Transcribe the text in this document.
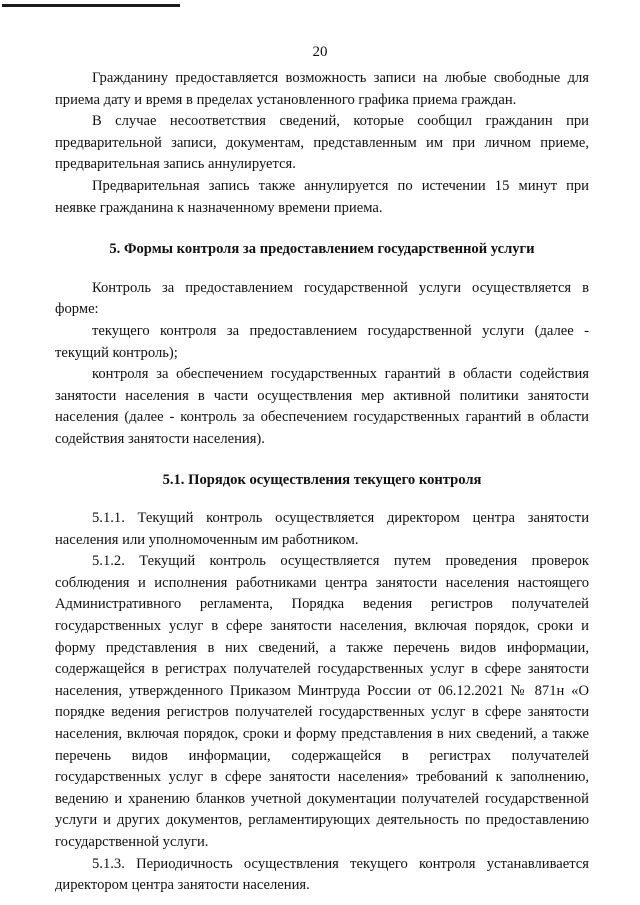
20

Гражданину предоставляется возможность записи на любые свободные для приема дату и время в пределах установленного графика приема граждан.

В случае несоответствия сведений, которые сообщил гражданин при предварительной записи, документам, представленным им при личном приеме, предварительная запись аннулируется.

Предварительная запись также аннулируется по истечении 15 минут при неявке гражданина к назначенному времени приема.

5. Формы контроля за предоставлением государственной услуги

Контроль за предоставлением государственной услуги осуществляется в форме:

текущего контроля за предоставлением государственной услуги (далее - текущий контроль);

контроля за обеспечением государственных гарантий в области содействия занятости населения в части осуществления мер активной политики занятости населения (далее - контроль за обеспечением государственных гарантий в области содействия занятости населения).

5.1. Порядок осуществления текущего контроля

5.1.1. Текущий контроль осуществляется директором центра занятости населения или уполномоченным им работником.

5.1.2. Текущий контроль осуществляется путем проведения проверок соблюдения и исполнения работниками центра занятости населения настоящего Административного регламента, Порядка ведения регистров получателей государственных услуг в сфере занятости населения, включая порядок, сроки и форму представления в них сведений, а также перечень видов информации, содержащейся в регистрах получателей государственных услуг в сфере занятости населения, утвержденного Приказом Минтруда России от 06.12.2021 № 871н «О порядке ведения регистров получателей государственных услуг в сфере занятости населения, включая порядок, сроки и форму представления в них сведений, а также перечень видов информации, содержащейся в регистрах получателей государственных услуг в сфере занятости населения» требований к заполнению, ведению и хранению бланков учетной документации получателей государственной услуги и других документов, регламентирующих деятельность по предоставлению государственной услуги.

5.1.3. Периодичность осуществления текущего контроля устанавливается директором центра занятости населения.
